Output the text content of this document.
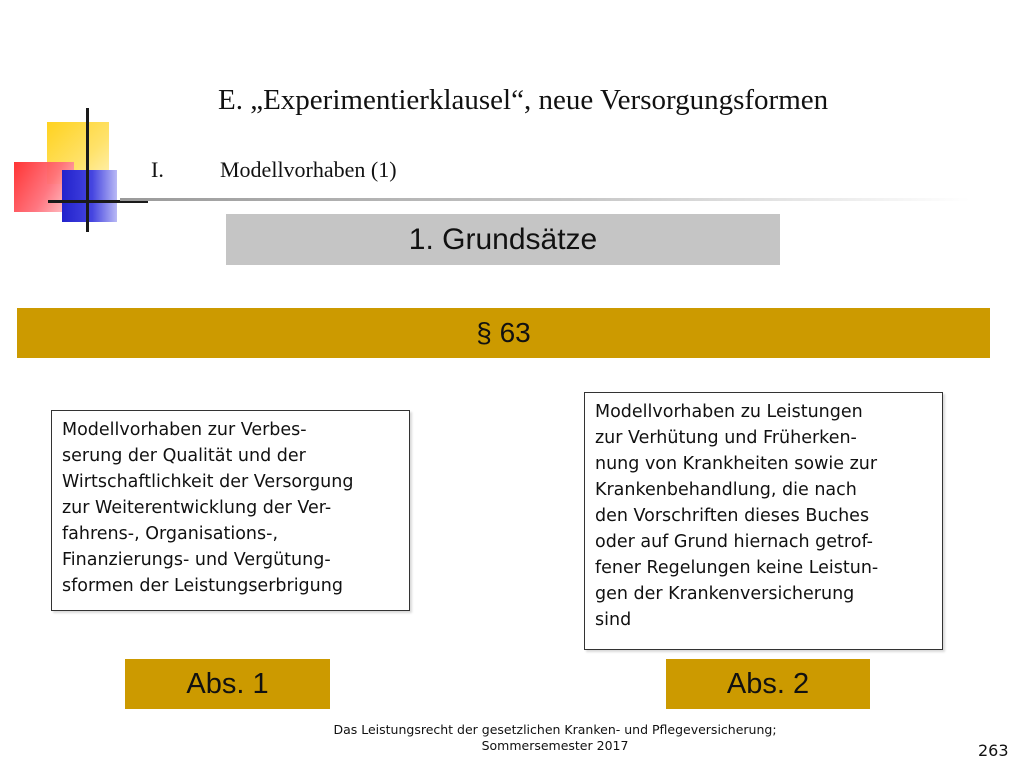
E. „Experimentierklausel“, neue Versorgungsformen
I.	Modellvorhaben (1)
1. Grundsätze
§ 63
Modellvorhaben zur Verbes-
serung der Qualität und der
Wirtschaftlichkeit der Versorgung
zur Weiterentwicklung der Ver-
fahrens-, Organisations-,
Finanzierungs- und Vergütung-
sformen der Leistungserbrigung
Modellvorhaben zu Leistungen
zur Verhütung und Früherken-
nung von Krankheiten sowie zur
Krankenbehandlung, die nach
den Vorschriften dieses Buches
oder auf Grund hiernach getrof-
fener Regelungen keine Leistun-
gen der Krankenversicherung
sind
Abs. 1	Abs. 2
Das Leistungsrecht der gesetzlichen Kranken- und Pflegeversicherung;
Sommersemester 2017	263
